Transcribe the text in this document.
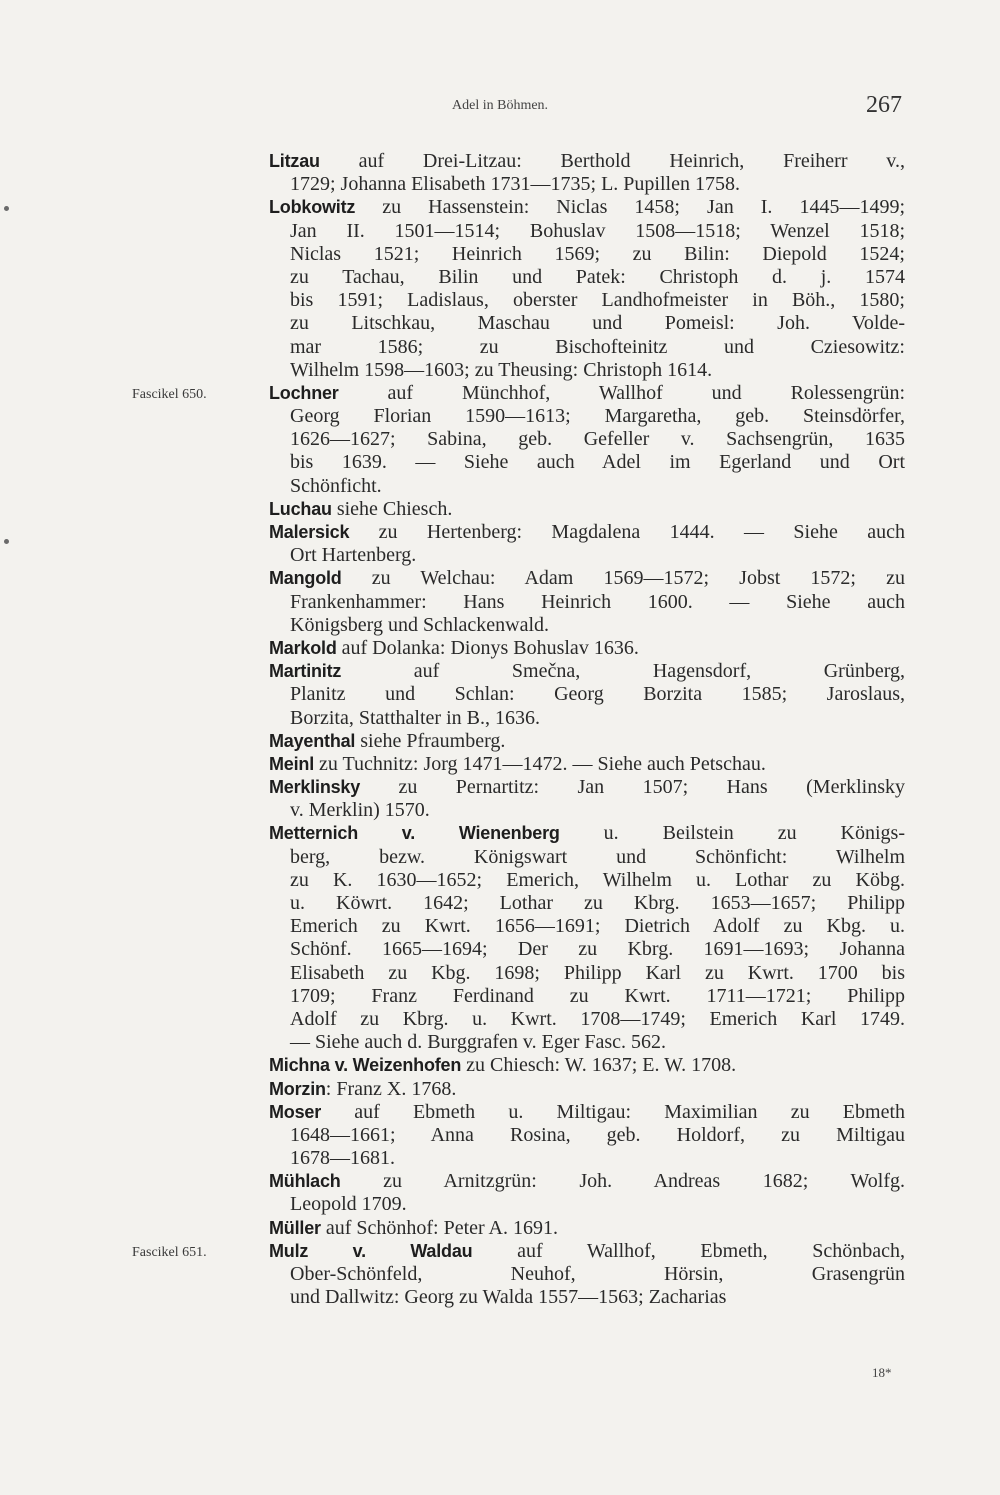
Adel in Böhmen.	267
Litzau auf Drei-Litzau: Berthold Heinrich, Freiherr v.,
1729; Johanna Elisabeth 1731—1735; L. Pupillen 1758.
Lobkowitz zu Hassenstein: Niclas 1458; Jan I. 1445—1499;
Jan II. 1501—1514; Bohuslav 1508—1518; Wenzel 1518;
Niclas 1521; Heinrich 1569; zu Bilin: Diepold 1524;
zu Tachau, Bilin und Patek: Christoph d. j. 1574
bis 1591; Ladislaus, oberster Landhofmeister in Böh., 1580;
zu Litschkau, Maschau und Pomeisl: Joh. Volde-
mar 1586; zu Bischofteinitz und Cziesowitz:
Wilhelm 1598—1603; zu Theusing: Christoph 1614.
Fascikel 650.	Lochner auf Münchhof, Wallhof und Rolessengrün:
Georg Florian 1590—1613; Margaretha, geb. Steinsdörfer,
1626—1627; Sabina, geb. Gefeller v. Sachsengrün, 1635
bis 1639. — Siehe auch Adel im Egerland und Ort
Schönficht.
Luchau siehe Chiesch.
Malersick zu Hertenberg: Magdalena 1444. — Siehe auch
Ort Hartenberg.
Mangold zu Welchau: Adam 1569—1572; Jobst 1572; zu
Frankenhammer: Hans Heinrich 1600. — Siehe auch
Königsberg und Schlackenwald.
Markold auf Dolanka: Dionys Bohuslav 1636.
Martinitz auf Smečna, Hagensdorf, Grünberg,
Planitz und Schlan: Georg Borzita 1585; Jaroslaus,
Borzita, Statthalter in B., 1636.
Mayenthal siehe Pfraumberg.
Meinl zu Tuchnitz: Jorg 1471—1472. — Siehe auch Petschau.
Merklinsky zu Pernartitz: Jan 1507; Hans (Merklinsky
v. Merklin) 1570.
Metternich v. Wienenberg u. Beilstein zu Königs-
berg, bezw. Königswart und Schönficht: Wilhelm
zu K. 1630—1652; Emerich, Wilhelm u. Lothar zu Köbg.
u. Köwrt. 1642; Lothar zu Kbrg. 1653—1657; Philipp
Emerich zu Kwrt. 1656—1691; Dietrich Adolf zu Kbg. u.
Schönf. 1665—1694; Der zu Kbrg. 1691—1693; Johanna
Elisabeth zu Kbg. 1698; Philipp Karl zu Kwrt. 1700 bis
1709; Franz Ferdinand zu Kwrt. 1711—1721; Philipp
Adolf zu Kbrg. u. Kwrt. 1708—1749; Emerich Karl 1749.
— Siehe auch d. Burggrafen v. Eger Fasc. 562.
Michna v. Weizenhofen zu Chiesch: W. 1637; E. W. 1708.
Morzin: Franz X. 1768.
Moser auf Ebmeth u. Miltigau: Maximilian zu Ebmeth
1648—1661; Anna Rosina, geb. Holdorf, zu Miltigau
1678—1681.
Mühlach zu Arnitzgrün: Joh. Andreas 1682; Wolfg.
Leopold 1709.
Müller auf Schönhof: Peter A. 1691.
Fascikel 651.	Mulz v. Waldau auf Wallhof, Ebmeth, Schönbach,
Ober-Schönfeld, Neuhof, Hörsin, Grasengrün
und Dallwitz: Georg zu Walda 1557—1563; Zacharias
18*
